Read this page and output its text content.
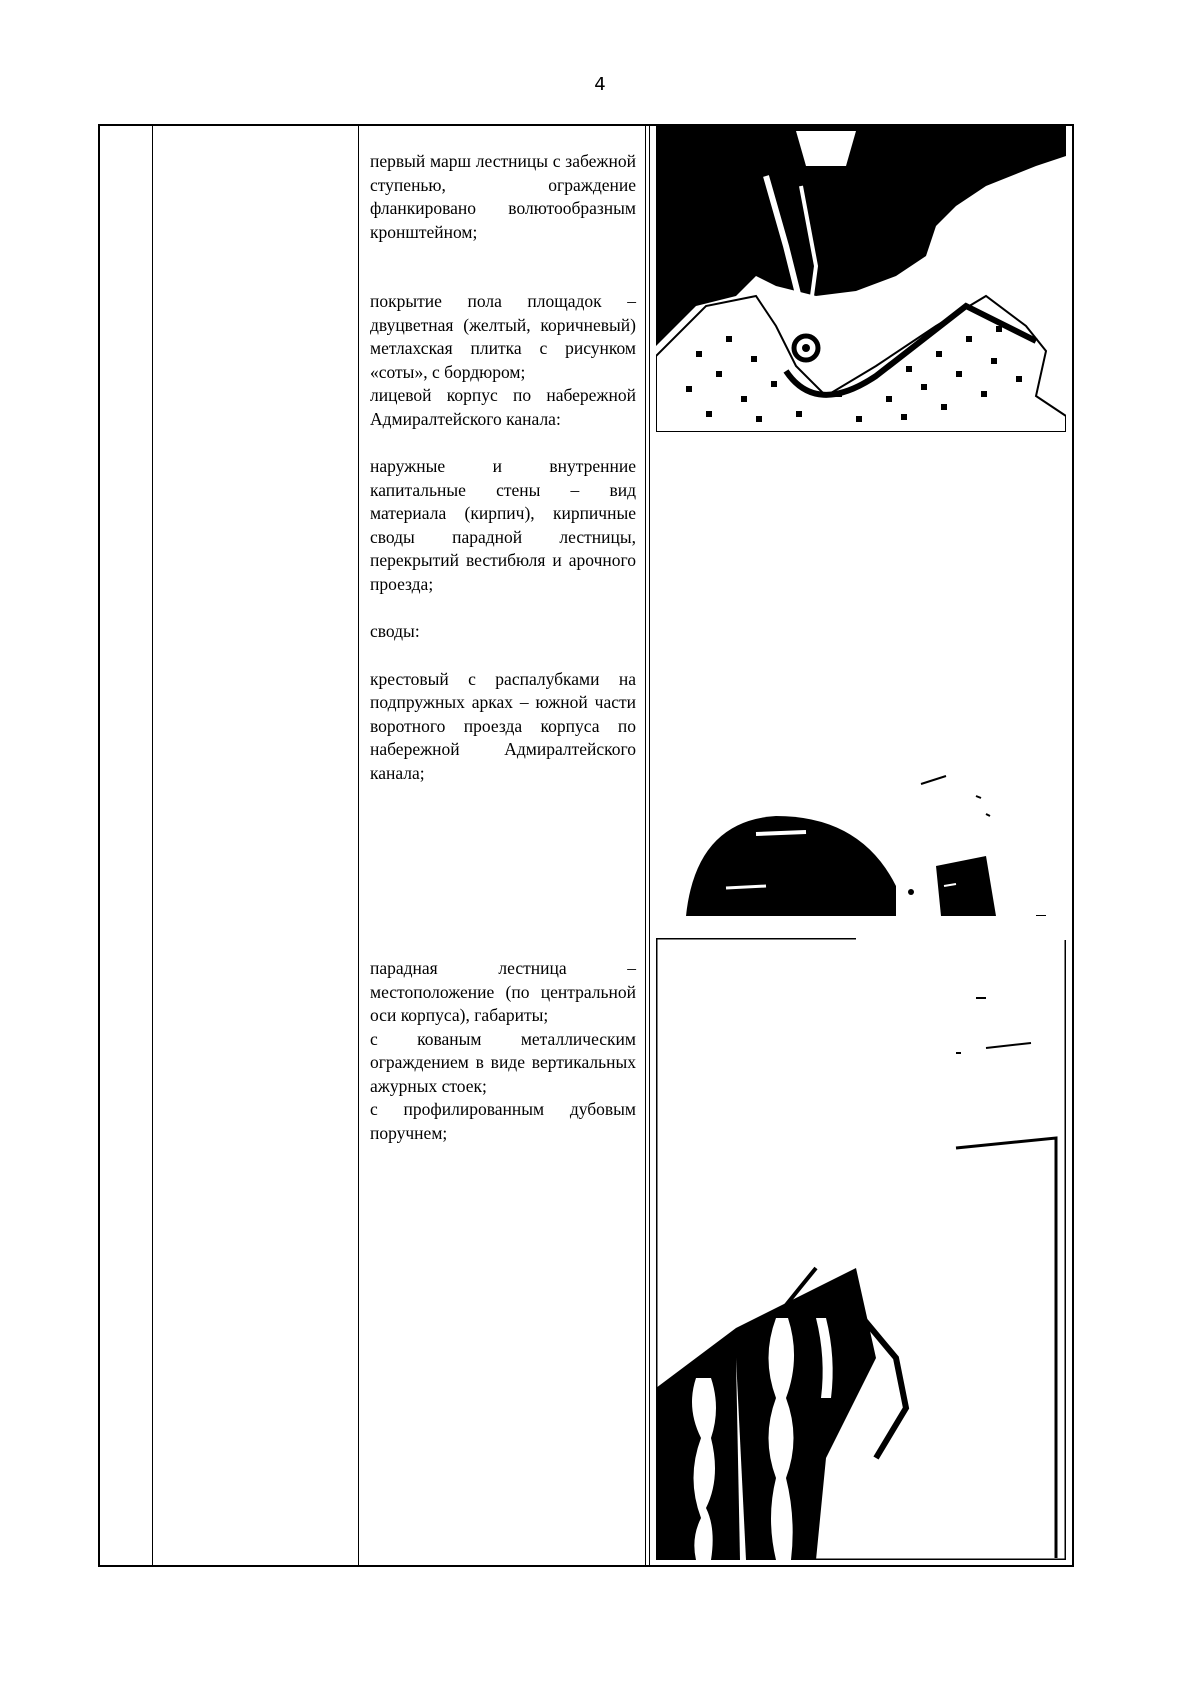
4

первый марш лестницы с забежной ступенью, ограждение фланкировано волютообразным кронштейном;

покрытие пола площадок – двуцветная (желтый, коричневый) метлахская плитка с рисунком «соты», с бордюром;

лицевой корпус по набережной Адмиралтейского канала:

наружные и внутренние капитальные стены – вид материала (кирпич), кирпичные своды парадной лестницы, перекрытий вестибюля и арочного проезда;

своды:

крестовый с распалубками на подпружных арках – южной части воротного проезда корпуса по набережной Адмиралтейского канала;

парадная лестница – местоположение (по центральной оси корпуса), габариты;

с кованым металлическим ограждением в виде вертикальных ажурных стоек;

с профилированным дубовым поручнем;
